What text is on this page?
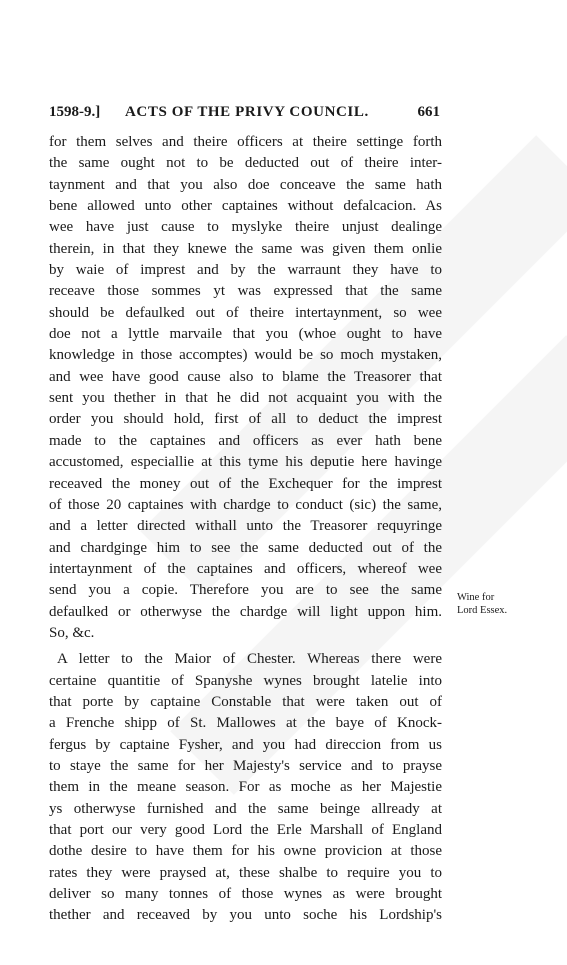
1598-9.] ACTS OF THE PRIVY COUNCIL.	661
for them selves and theire officers at theire settinge forth
the same ought not to be deducted out of theire inter-
taynment and that you also doe conceave the same hath
bene allowed unto other captaines without defalcacion. As
wee have just cause to myslyke theire unjust dealinge
therein, in that they knewe the same was given them onlie
by waie of imprest and by the warraunt they have to
receave those sommes yt was expressed that the same
should be defaulked out of theire intertaynment, so wee
doe not a lyttle marvaile that you (whoe ought to have
knowledge in those accomptes) would be so moch mystaken,
and wee have good cause also to blame the Treasorer that
sent you thether in that he did not acquaint you with the
order you should hold, first of all to deduct the imprest
made to the captaines and officers as ever hath bene
accustomed, especiallie at this tyme his deputie here havinge
receaved the money out of the Exchequer for the imprest
of those 20 captaines with chardge to conduct (sic) the same,
and a letter directed withall unto the Treasorer requyringe
and chardginge him to see the same deducted out of the
intertaynment of the captaines and officers, whereof wee
send you a copie. Therefore you are to see the same
defaulked or otherwyse the chardge will light uppon him.
So, &c.
A letter to the Maior of Chester. Whereas there were
certaine quantitie of Spanyshe wynes brought latelie into
that porte by captaine Constable that were taken out of
a Frenche shipp of St. Mallowes at the baye of Knock-
fergus by captaine Fysher, and you had direccion from us
to staye the same for her Majesty's service and to prayse
them in the meane season. For as moche as her Majestie
ys otherwyse furnished and the same beinge allready at
that port our very good Lord the Erle Marshall of England
dothe desire to have them for his owne provicion at those
rates they were praysed at, these shalbe to require you to
deliver so many tonnes of those wynes as were brought
thether and receaved by you unto soche his Lordship's
Wine for
Lord Essex.
